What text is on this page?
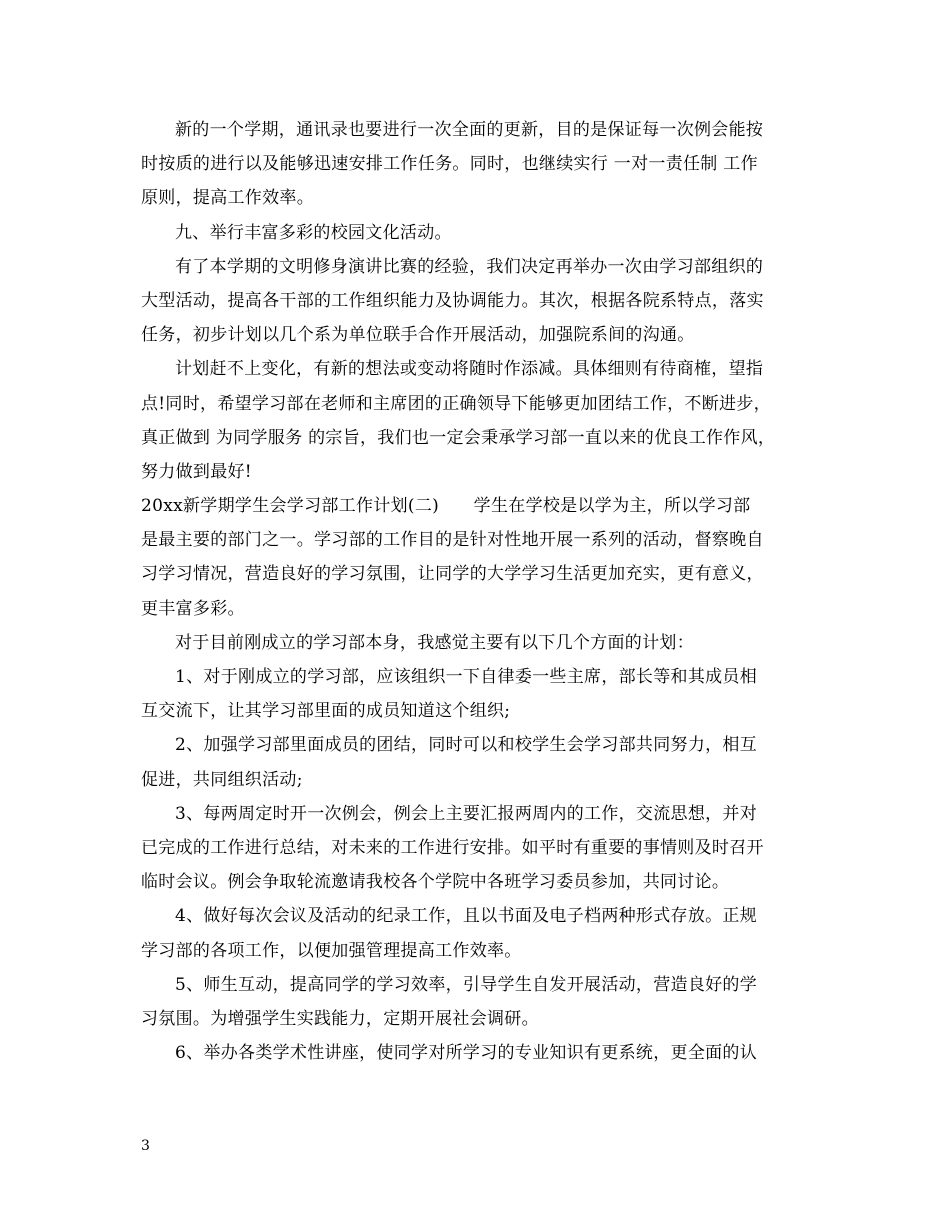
新的一个学期，通讯录也要进行一次全面的更新，目的是保证每一次例会能按
时按质的进行以及能够迅速安排工作任务。同时，也继续实行 一对一责任制 工作
原则，提高工作效率。
九、举行丰富多彩的校园文化活动。
有了本学期的文明修身演讲比赛的经验，我们决定再举办一次由学习部组织的
大型活动，提高各干部的工作组织能力及协调能力。其次，根据各院系特点，落实
任务，初步计划以几个系为单位联手合作开展活动，加强院系间的沟通。
计划赶不上变化，有新的想法或变动将随时作添减。具体细则有待商榷，望指
点!同时，希望学习部在老师和主席团的正确领导下能够更加团结工作，不断进步，
真正做到 为同学服务 的宗旨，我们也一定会秉承学习部一直以来的优良工作作风，
努力做到最好!
20xx新学期学生会学习部工作计划(二)　　学生在学校是以学为主，所以学习部
是最主要的部门之一。学习部的工作目的是针对性地开展一系列的活动，督察晚自
习学习情况，营造良好的学习氛围，让同学的大学学习生活更加充实，更有意义，
更丰富多彩。
对于目前刚成立的学习部本身，我感觉主要有以下几个方面的计划：
1、对于刚成立的学习部，应该组织一下自律委一些主席，部长等和其成员相
互交流下，让其学习部里面的成员知道这个组织;
2、加强学习部里面成员的团结，同时可以和校学生会学习部共同努力，相互
促进，共同组织活动;
3、每两周定时开一次例会，例会上主要汇报两周内的工作，交流思想，并对
已完成的工作进行总结，对未来的工作进行安排。如平时有重要的事情则及时召开
临时会议。例会争取轮流邀请我校各个学院中各班学习委员参加，共同讨论。
4、做好每次会议及活动的纪录工作，且以书面及电子档两种形式存放。正规
学习部的各项工作，以便加强管理提高工作效率。
5、师生互动，提高同学的学习效率，引导学生自发开展活动，营造良好的学
习氛围。为增强学生实践能力，定期开展社会调研。
6、举办各类学术性讲座，使同学对所学习的专业知识有更系统，更全面的认
3
